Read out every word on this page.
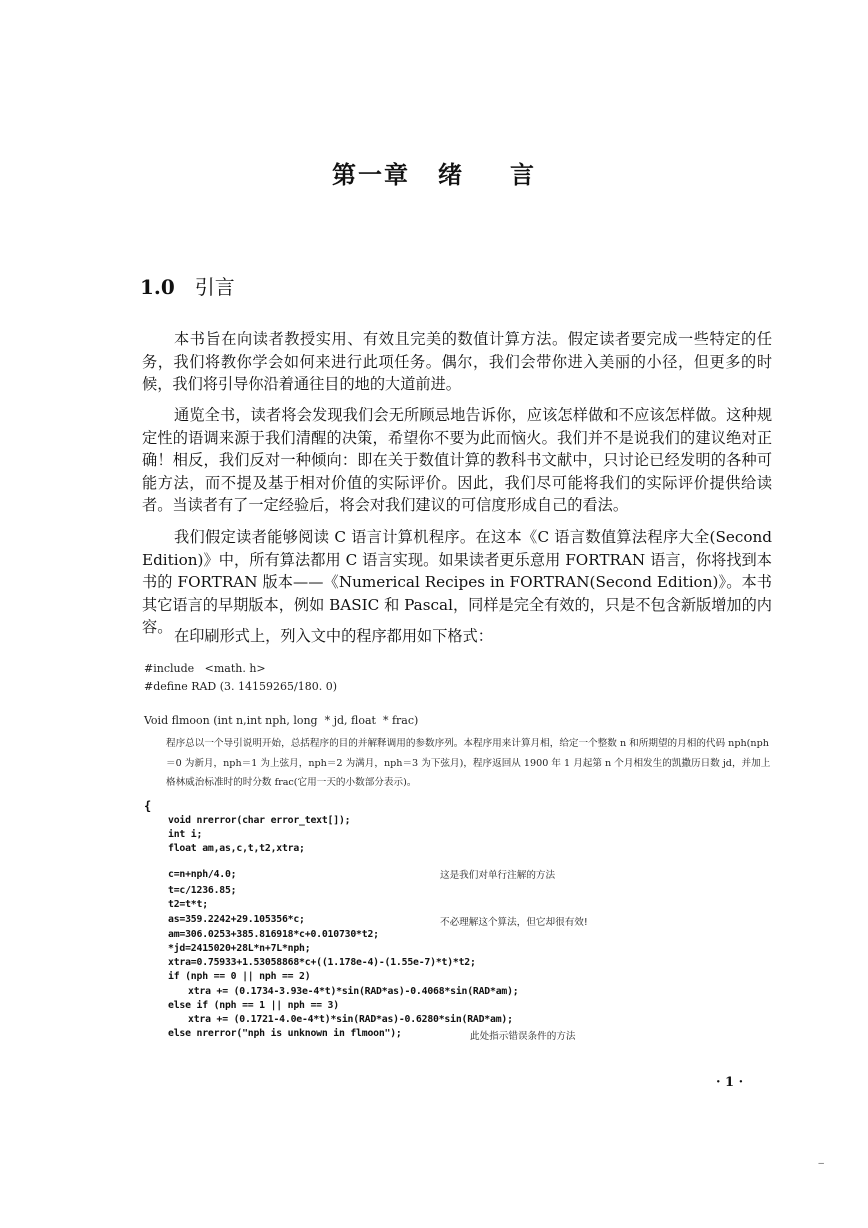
第一章 绪 言
1.0 引言

本书旨在向读者教授实用、有效且完美的数值计算方法。假定读者要完成一些特定的任务，我们将教你学会如何来进行此项任务。偶尔，我们会带你进入美丽的小径，但更多的时候，我们将引导你沿着通往目的地的大道前进。

通览全书，读者将会发现我们会无所顾忌地告诉你，应该怎样做和不应该怎样做。这种规定性的语调来源于我们清醒的决策，希望你不要为此而恼火。我们并不是说我们的建议绝对正确！相反，我们反对一种倾向：即在关于数值计算的教科书文献中，只讨论已经发明的各种可能方法，而不提及基于相对价值的实际评价。因此，我们尽可能将我们的实际评价提供给读者。当读者有了一定经验后，将会对我们建议的可信度形成自己的看法。

我们假定读者能够阅读 C 语言计算机程序。在这本《C 语言数值算法程序大全(Second Edition)》中，所有算法都用 C 语言实现。如果读者更乐意用 FORTRAN 语言，你将找到本书的 FORTRAN 版本——《Numerical Recipes in FORTRAN(Second Edition)》。本书其它语言的早期版本，例如 BASIC 和 Pascal，同样是完全有效的，只是不包含新版增加的内容。 在印刷形式上，列入文中的程序都用如下格式：

#include   <math. h>
#define RAD (3. 14159265/180. 0)
Void flmoon (int n,int nph, long  * jd, float  * frac)

程序总以一个导引说明开始，总括程序的目的并解释调用的参数序列。本程序用来计算月相，给定一个整数 n 和所期望的月相的代码 nph(nph＝0 为新月，nph＝1 为上弦月，nph＝2 为满月，nph＝3 为下弦月)，程序返回从 1900 年 1 月起第 n 个月相发生的凯撒历日数 jd，并加上格林威治标准时的时分数 frac(它用一天的小数部分表示)。

{
void nrerror(char error_text[]);
int i;
float am,as,c,t,t2,xtra;
c=n+nph/4.0;
t=c/1236.85;
t2=t*t;
as=359.2242+29.105356*c;
am=306.0253+385.816918*c+0.010730*t2;
*jd=2415020+28L*n+7L*nph;
xtra=0.75933+1.53058868*c+((1.178e-4)-(1.55e-7)*t)*t2;
if (nph == 0 || nph == 2)
xtra += (0.1734-3.93e-4*t)*sin(RAD*as)-0.4068*sin(RAD*am);
else if (nph == 1 || nph == 3)
xtra += (0.1721-4.0e-4*t)*sin(RAD*as)-0.6280*sin(RAD*am);
else nrerror("nph is unknown in flmoon");
这是我们对单行注解的方法
不必理解这个算法，但它却很有效!
此处指示错误条件的方法
· 1 ·
‒
